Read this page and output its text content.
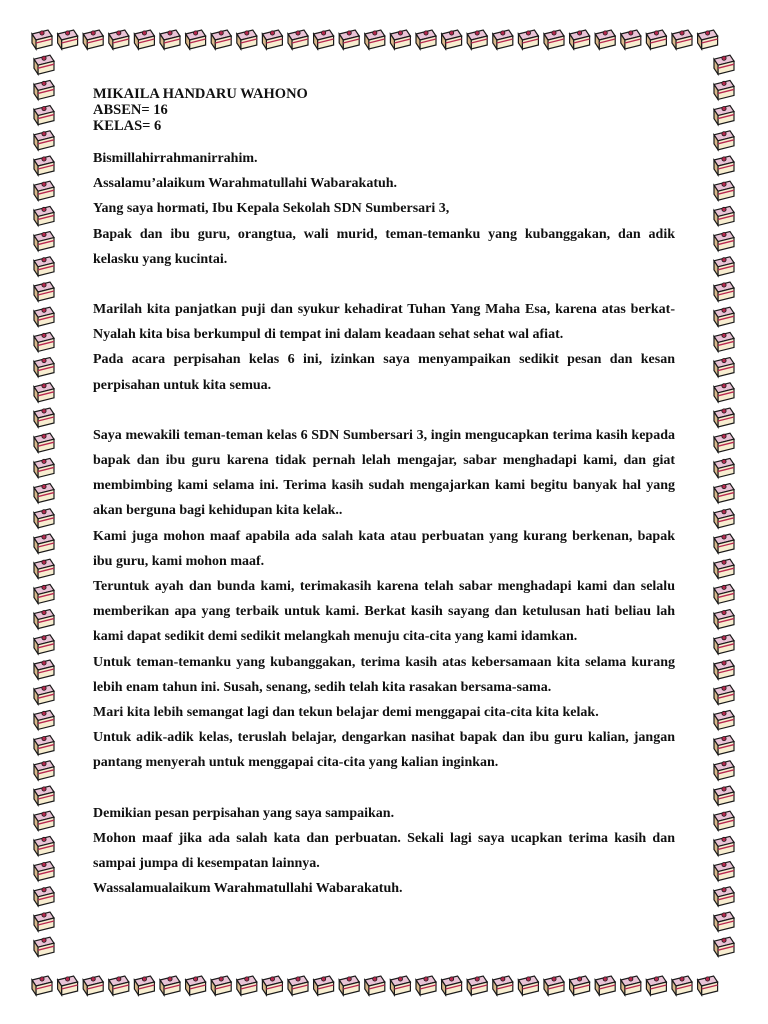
MIKAILA HANDARU WAHONO

ABSEN= 16

KELAS= 6

Bismillahirrahmanirrahim.

Assalamu’alaikum Warahmatullahi Wabarakatuh.

Yang saya hormati, Ibu Kepala Sekolah SDN Sumbersari 3,

Bapak dan ibu guru, orangtua, wali murid, teman-temanku yang kubanggakan, dan adik kelasku yang kucintai.

Marilah kita panjatkan puji dan syukur kehadirat Tuhan Yang Maha Esa, karena atas berkat-Nyalah kita bisa berkumpul di tempat ini dalam keadaan sehat sehat wal afiat.

Pada acara perpisahan kelas 6 ini, izinkan saya menyampaikan sedikit pesan dan kesan perpisahan untuk kita semua.

Saya mewakili teman-teman kelas 6 SDN Sumbersari 3, ingin mengucapkan terima kasih kepada bapak dan ibu guru karena tidak pernah lelah mengajar, sabar menghadapi kami, dan giat membimbing kami selama ini. Terima kasih sudah mengajarkan kami begitu banyak hal yang akan berguna bagi kehidupan kita kelak..

Kami juga mohon maaf apabila ada salah kata atau perbuatan yang kurang berkenan, bapak ibu guru, kami mohon maaf.

Teruntuk ayah dan bunda kami, terimakasih karena telah sabar menghadapi kami dan selalu memberikan apa yang terbaik untuk kami. Berkat kasih sayang dan ketulusan hati beliau lah kami dapat sedikit demi sedikit melangkah menuju cita-cita yang kami idamkan.

Untuk teman-temanku yang kubanggakan, terima kasih atas kebersamaan kita selama kurang lebih enam tahun ini. Susah, senang, sedih telah kita rasakan bersama-sama.

Mari kita lebih semangat lagi dan tekun belajar demi menggapai cita-cita kita kelak.

Untuk adik-adik kelas, teruslah belajar, dengarkan nasihat bapak dan ibu guru kalian, jangan pantang menyerah untuk menggapai cita-cita yang kalian inginkan.

Demikian pesan perpisahan yang saya sampaikan.

Mohon maaf jika ada salah kata dan perbuatan. Sekali lagi saya ucapkan terima kasih dan sampai jumpa di kesempatan lainnya.

Wassalamualaikum Warahmatullahi Wabarakatuh.
